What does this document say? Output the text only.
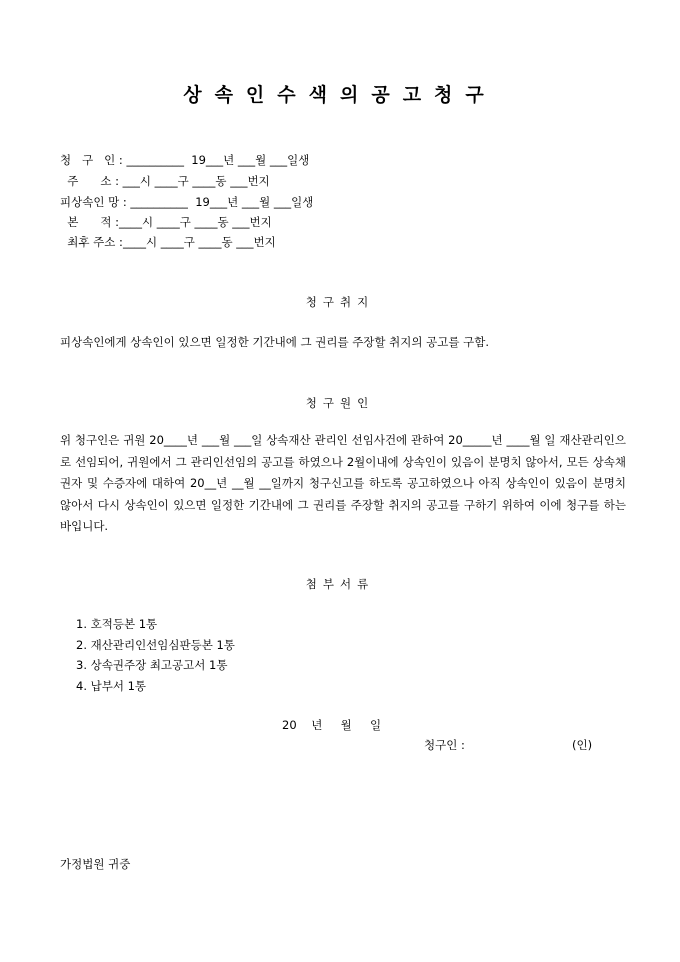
상속인수색의공고청구
청   구   인 : __________  19___년 ___월 ___일생
주      소 : ___시 ____구 ____동 ___번지
피상속인 망 : __________  19___년 ___월 ___일생
본      적 :____시 ____구 ____동 ___번지
최후 주소 :____시 ____구 ____동 ___번지
청구취지
피상속인에게 상속인이 있으면 일정한 기간내에 그 권리를 주장할 취지의 공고를 구함.
청구원인
위 청구인은 귀원 20____년 ___월 ___일 상속재산 관리인 선임사건에 관하여 20_____년 ____월 일 재산관리인으로 선임되어, 귀원에서 그 관리인선임의 공고를 하였으나 2월이내에 상속인이 있음이 분명치 않아서, 모든 상속채권자 및 수증자에 대하여 20__년 __월 __일까지 청구신고를 하도록 공고하였으나 아직 상속인이 있음이 분명치 않아서 다시 상속인이 있으면 일정한 기간내에 그 권리를 주장할 취지의 공고를 구하기 위하여 이에 청구를 하는 바입니다.
첨부서류
1. 호적등본 1통
2. 재산관리인선임심판등본 1통
3. 상속권주장 최고공고서 1통
4. 납부서 1통
20    년     월     일
청구인 :	(인)
가정법원 귀중
